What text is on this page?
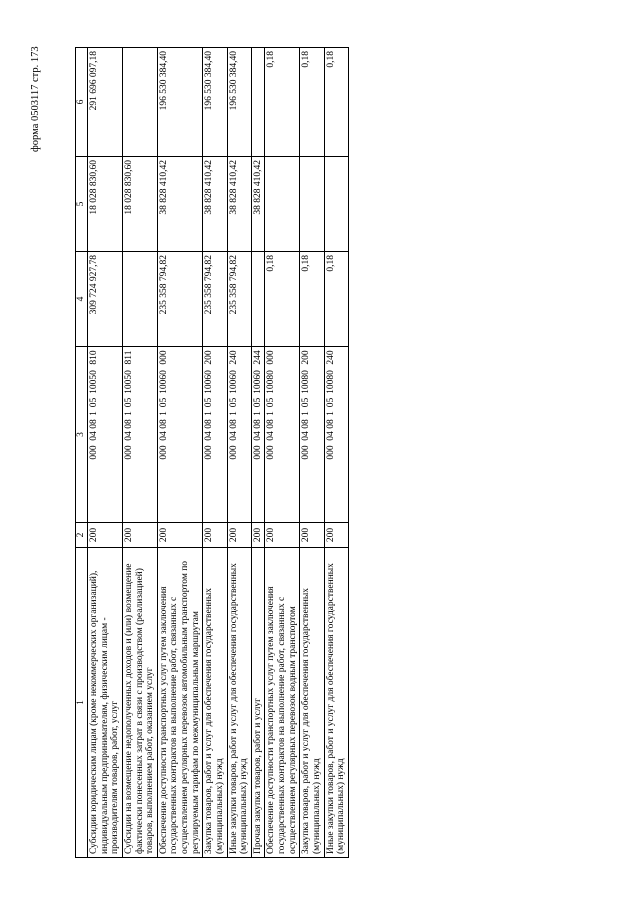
форма 0503117 стр. 173
1	2	3	4	5	6
Субсидии юридическим лицам (кроме некоммерческих организаций), индивидуальным предпринимателям, физическим лицам - производителям товаров, работ, услуг	200	000040810510050810	309 724 927,78	18 028 830,60	291 696 097,18
Субсидии на возмещение недополученных доходов и (или) возмещение фактически понесенных затрат в связи с производством (реализацией) товаров, выполнением работ, оказанием услуг	200	000040810510050811		18 028 830,60	
Обеспечение доступности транспортных услуг путем заключения государственных контрактов на выполнение работ, связанных с осуществлением регулярных перевозок автомобильным транспортом по регулируемым тарифам по межмуниципальным маршрутам	200	000040810510060000	235 358 794,82	38 828 410,42	196 530 384,40
Закупка товаров, работ и услуг для обеспечения государственных (муниципальных) нужд	200	000040810510060200	235 358 794,82	38 828 410,42	196 530 384,40
Иные закупки товаров, работ и услуг для обеспечения государственных (муниципальных) нужд	200	000040810510060240	235 358 794,82	38 828 410,42	196 530 384,40
Прочая закупка товаров, работ и услуг	200	000040810510060244		38 828 410,42	
Обеспечение доступности транспортных услуг путем заключения государственных контрактов на выполнение работ, связанных с осуществлением регулярных перевозок водным транспортом	200	000040810510080000	0,18		0,18
Закупка товаров, работ и услуг для обеспечения государственных (муниципальных) нужд	200	000040810510080200	0,18		0,18
Иные закупки товаров, работ и услуг для обеспечения государственных (муниципальных) нужд	200	000040810510080240	0,18		0,18
